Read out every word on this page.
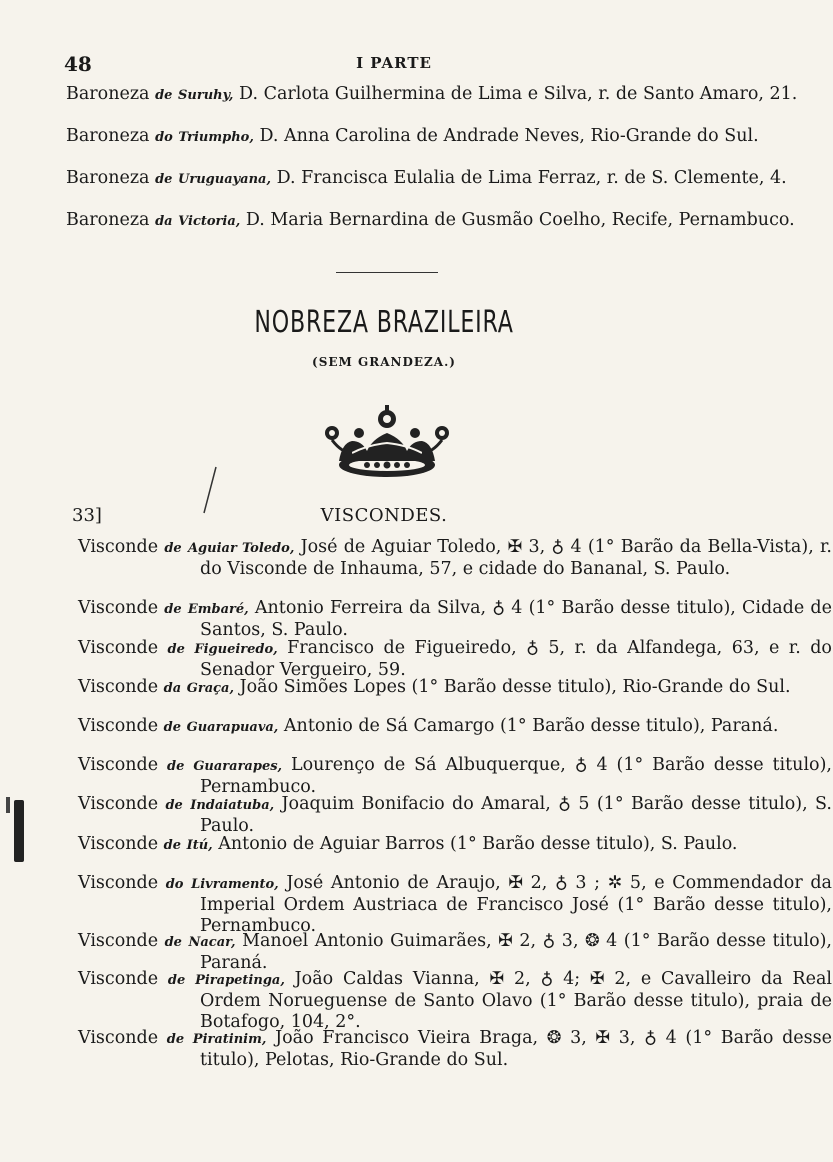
48	I PARTE
Baroneza de Suruhy, D. Carlota Guilhermina de Lima e Silva, r. de Santo Amaro, 21.
Baroneza do Triumpho, D. Anna Carolina de Andrade Neves, Rio-Grande do Sul.
Baroneza de Uruguayana, D. Francisca Eulalia de Lima Ferraz, r. de S. Clemente, 4.
Baroneza da Victoria, D. Maria Bernardina de Gusmão Coelho, Recife, Pernambuco.
NOBREZA BRAZILEIRA
(SEM GRANDEZA.)
33]	VISCONDES.
Visconde de Aguiar Toledo, José de Aguiar Toledo, ✠ 3, ♁ 4 (1° Barão da Bella-Vista), r. do Visconde de Inhauma, 57, e cidade do Bananal, S. Paulo.
Visconde de Embaré, Antonio Ferreira da Silva, ♁ 4 (1° Barão desse titulo), Cidade de Santos, S. Paulo.
Visconde de Figueiredo, Francisco de Figueiredo, ♁ 5, r. da Alfandega, 63, e r. do Senador Vergueiro, 59.
Visconde da Graça, João Simões Lopes (1° Barão desse titulo), Rio-Grande do Sul.
Visconde de Guarapuava, Antonio de Sá Camargo (1° Barão desse titulo), Paraná.
Visconde de Guararapes, Lourenço de Sá Albuquerque, ♁ 4 (1° Barão desse titulo), Pernambuco.
Visconde de Indaiatuba, Joaquim Bonifacio do Amaral, ♁ 5 (1° Barão desse titulo), S. Paulo.
Visconde de Itú, Antonio de Aguiar Barros (1° Barão desse titulo), S. Paulo.
Visconde do Livramento, José Antonio de Araujo, ✠ 2, ♁ 3 ; ✲ 5, e Commendador da Imperial Ordem Austriaca de Francisco José (1° Barão desse titulo), Pernambuco.
Visconde de Nacar, Manoel Antonio Guimarães, ✠ 2, ♁ 3, ❂ 4 (1° Barão desse titulo), Paraná.
Visconde de Pirapetinga, João Caldas Vianna, ✠ 2, ♁ 4; ✠ 2, e Cavalleiro da Real Ordem Norueguense de Santo Olavo (1° Barão desse titulo), praia de Botafogo, 104, 2°.
Visconde de Piratinim, João Francisco Vieira Braga, ❂ 3, ✠ 3, ♁ 4 (1° Barão desse titulo), Pelotas, Rio-Grande do Sul.
